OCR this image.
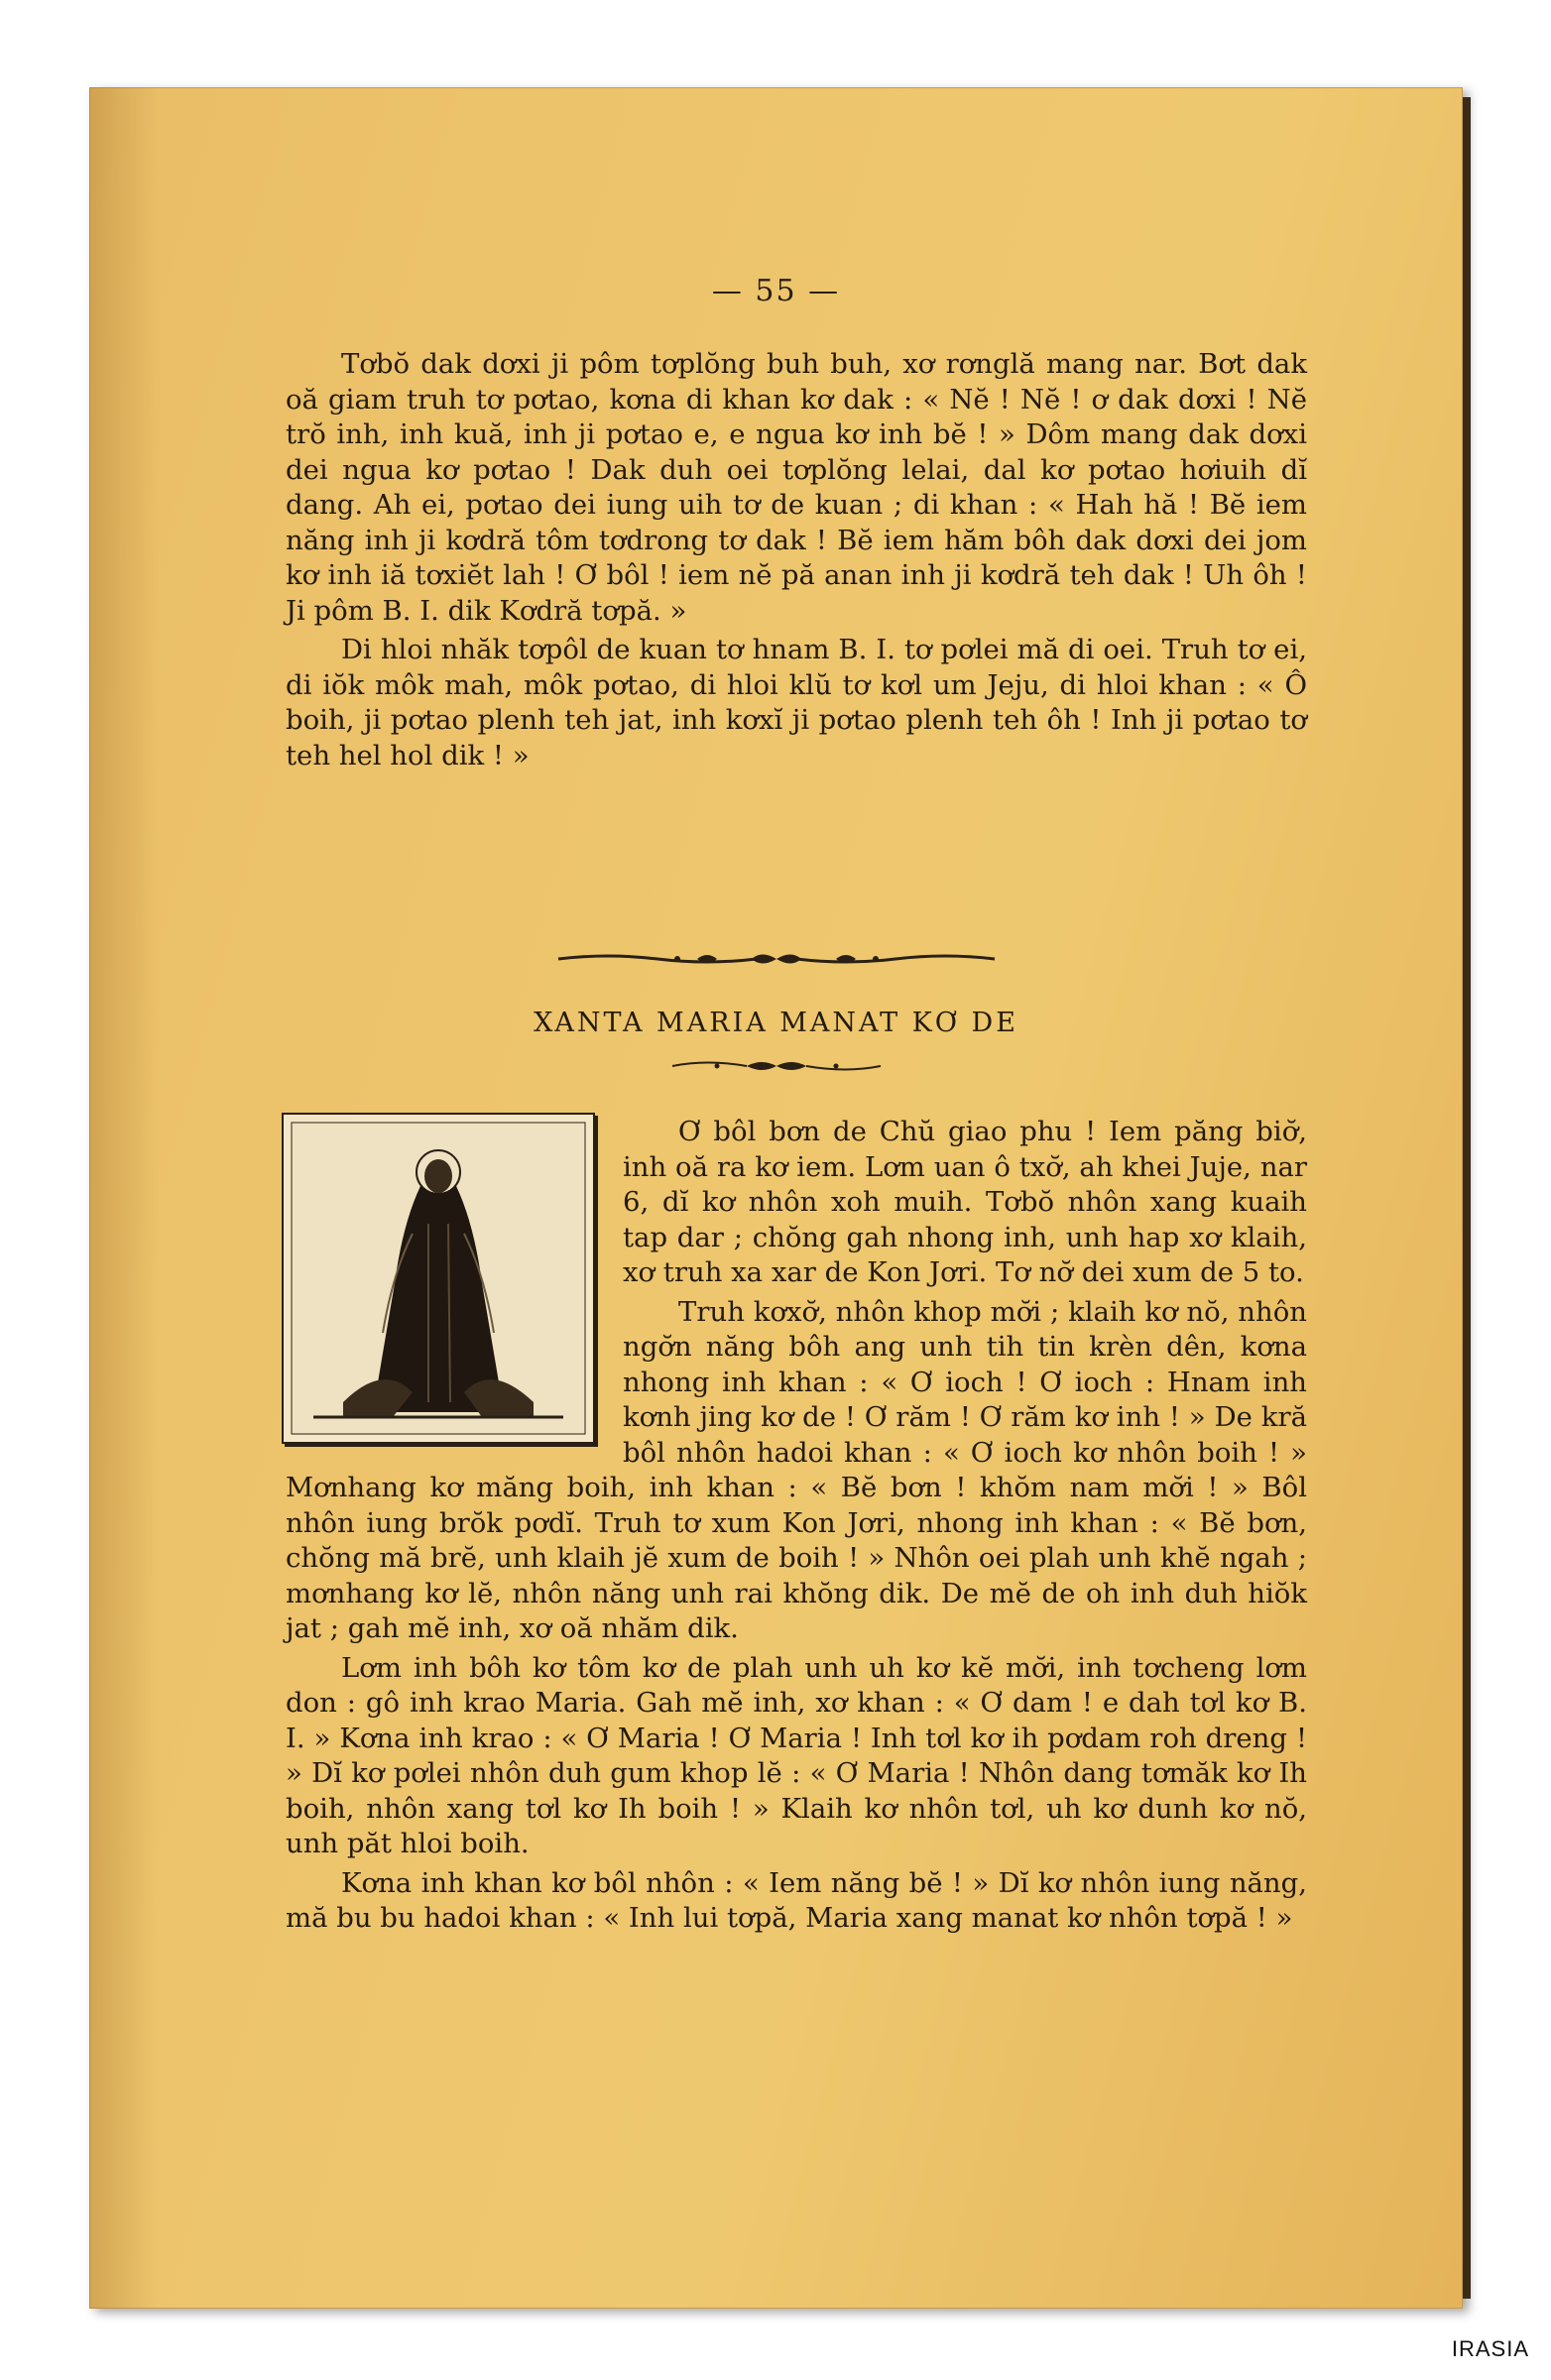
— 55 —

Tơbŏ dak dơxi ji pôm tơplŏng buh buh, xơ rơnglă mang nar. Bơt dak oă giam truh tơ pơtao, kơna di khan kơ dak : « Nĕ ! Nĕ ! ơ dak dơxi ! Nĕ trŏ inh, inh kuă, inh ji pơtao e, e ngua kơ inh bĕ ! » Dôm mang dak dơxi dei ngua kơ pơtao ! Dak duh oei tơplŏng lelai, dal kơ pơtao hơiuih dĭ dang. Ah ei, pơtao dei iung uih tơ de kuan ; di khan : « Hah hă ! Bĕ iem năng inh ji kơdră tôm tơdrong tơ dak ! Bĕ iem hăm bôh dak dơxi dei jom kơ inh iă tơxiĕt lah ! Ơ bôl ! iem nĕ pă anan inh ji kơdră teh dak ! Uh ôh ! Ji pôm B. I. dik Kơdră tơpă. »

Di hloi nhăk tơpôl de kuan tơ hnam B. I. tơ pơlei mă di oei. Truh tơ ei, di iŏk môk mah, môk pơtao, di hloi klŭ tơ kơl um Jeju, di hloi khan : « Ô boih, ji pơtao plenh teh jat, inh kơxĭ ji pơtao plenh teh ôh ! Inh ji pơtao tơ teh hel hol dik ! »

XANTA MARIA MANAT KƠ DE

Ơ bôl bơn de Chŭ giao phu ! Iem păng biơ̆, inh oă ra kơ iem. Lơm uan ô txơ̆, ah khei Juje, nar 6, dĭ kơ nhôn xoh muih. Tơbŏ nhôn xang kuaih tap dar ; chŏng gah nhong inh, unh hap xơ klaih, xơ truh xa xar de Kon Jơri. Tơ nơ̆ dei xum de 5 to.

Truh kơxơ̆, nhôn khop mơ̆i ; klaih kơ nŏ, nhôn ngơ̆n năng bôh ang unh tih tin krèn dên, kơna nhong inh khan : « Ơ ioch ! Ơ ioch : Hnam inh kơnh jing kơ de ! Ơ răm ! Ơ răm kơ inh ! » De kră bôl nhôn hadoi khan : « Ơ ioch kơ nhôn boih ! » Mơnhang kơ măng boih, inh khan : « Bĕ bơn ! khŏm nam mơ̆i ! » Bôl nhôn iung brŏk pơdĭ. Truh tơ xum Kon Jơri, nhong inh khan : « Bĕ bơn, chŏng mă brĕ, unh klaih jĕ xum de boih ! » Nhôn oei plah unh khĕ ngah ; mơnhang kơ lĕ, nhôn năng unh rai khŏng dik. De mĕ de oh inh duh hiŏk jat ; gah mĕ inh, xơ oă nhăm dik.

Lơm inh bôh kơ tôm kơ de plah unh uh kơ kĕ mơ̆i, inh tơcheng lơm don : gô inh krao Maria. Gah mĕ inh, xơ khan : « Ơ dam ! e dah tơl kơ B. I. » Kơna inh krao : « Ơ Maria ! Ơ Maria ! Inh tơl kơ ih pơdam roh dreng ! » Dĭ kơ pơlei nhôn duh gum khop lĕ : « Ơ Maria ! Nhôn dang tơmăk kơ Ih boih, nhôn xang tơl kơ Ih boih ! » Klaih kơ nhôn tơl, uh kơ dunh kơ nŏ, unh păt hloi boih.

Kơna inh khan kơ bôl nhôn : « Iem năng bĕ ! » Dĭ kơ nhôn iung năng, mă bu bu hadoi khan : « Inh lui tơpă, Maria xang manat kơ nhôn tơpă ! »

IRASIA
